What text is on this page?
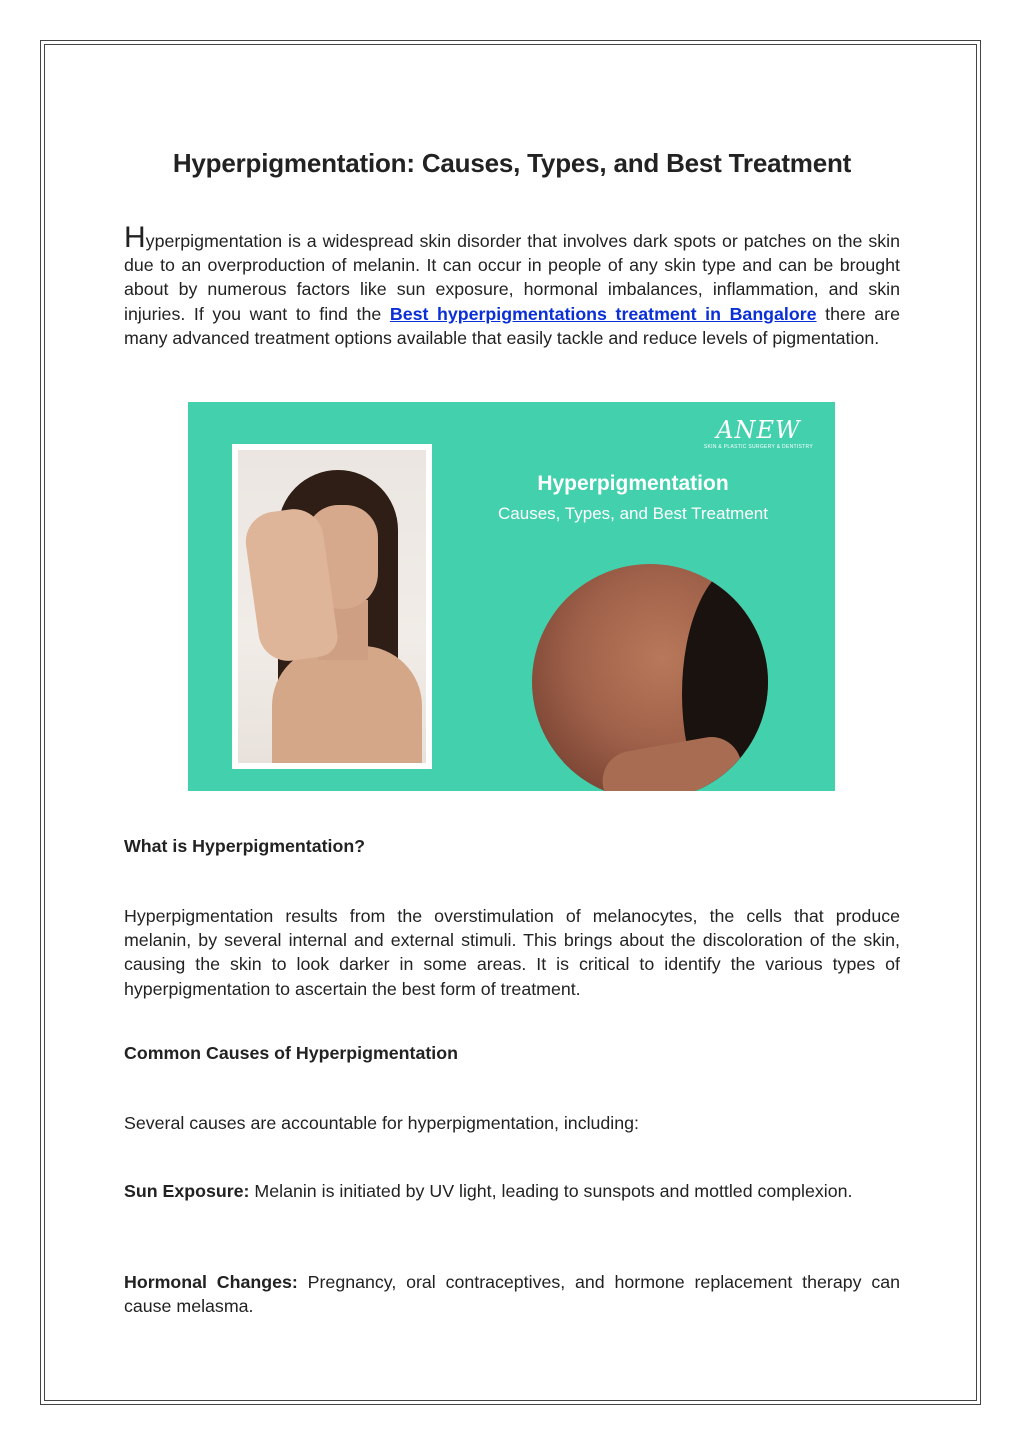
Hyperpigmentation: Causes, Types, and Best Treatment

Hyperpigmentation is a widespread skin disorder that involves dark spots or patches on the skin due to an overproduction of melanin. It can occur in people of any skin type and can be brought about by numerous factors like sun exposure, hormonal imbalances, inflammation, and skin injuries. If you want to find the Best hyperpigmentations treatment in Bangalore there are many advanced treatment options available that easily tackle and reduce levels of pigmentation.

What is Hyperpigmentation?

Hyperpigmentation results from the overstimulation of melanocytes, the cells that produce melanin, by several internal and external stimuli. This brings about the discoloration of the skin, causing the skin to look darker in some areas. It is critical to identify the various types of hyperpigmentation to ascertain the best form of treatment.

Common Causes of Hyperpigmentation

Several causes are accountable for hyperpigmentation, including:

Sun Exposure: Melanin is initiated by UV light, leading to sunspots and mottled complexion.

Hormonal Changes: Pregnancy, oral contraceptives, and hormone replacement therapy can cause melasma.

ANEW
SKIN & PLASTIC SURGERY & DENTISTRY
Hyperpigmentation
Causes, Types, and Best Treatment
